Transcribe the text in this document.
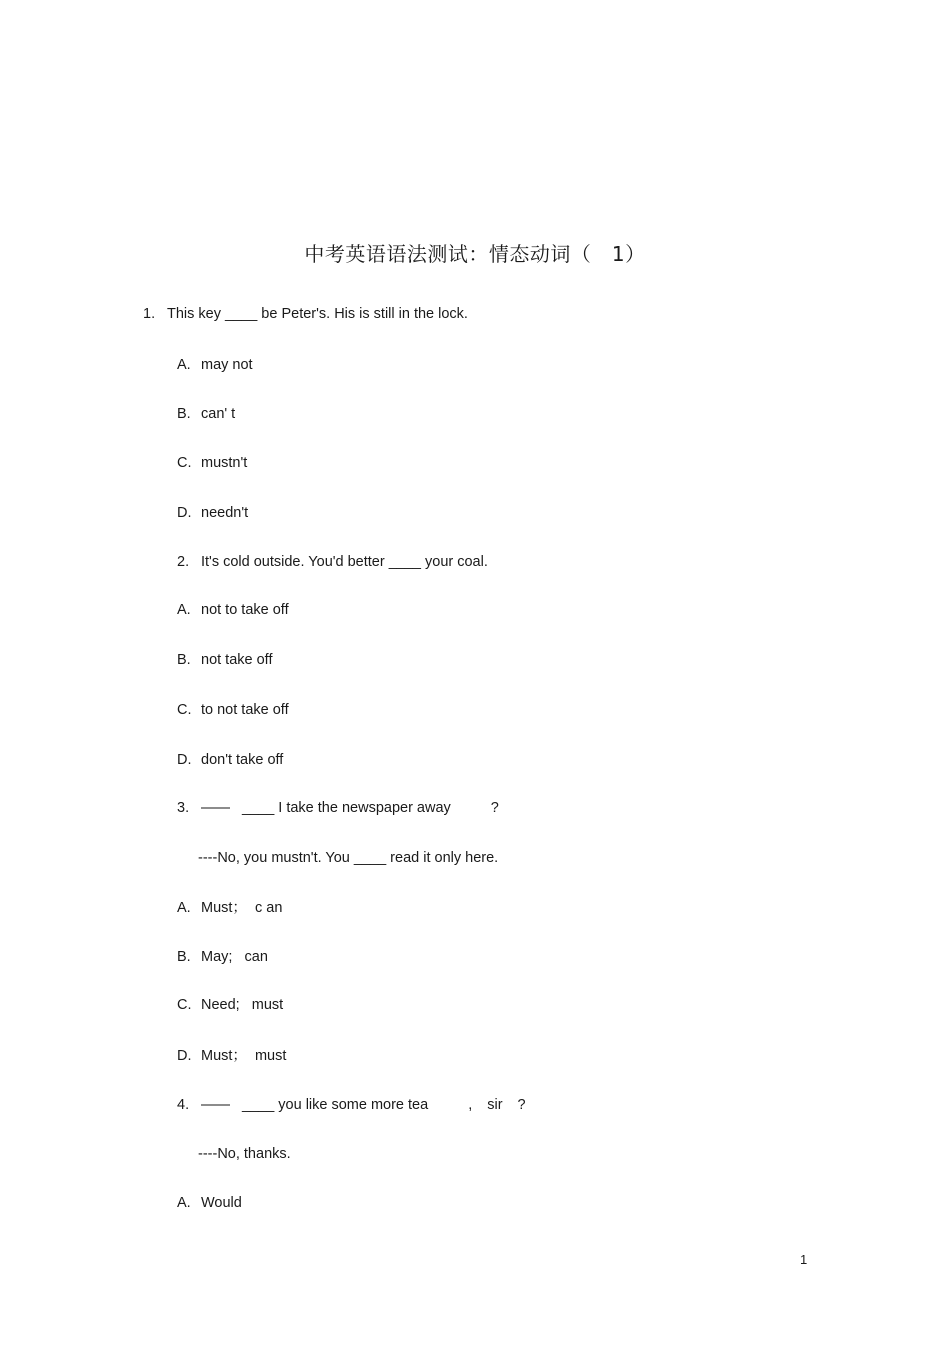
中考英语语法测试：情态动词（　1）
1. This key ____ be Peter's. His is still in the lock.
A. may not
B. can' t
C. mustn't
D. needn't
2. It's cold outside. You'd better ____ your coal.
A. not to take off
B. not take off
C. to not take off
D. don't take off
3. —— ____ I take the newspaper away	?
----No, you mustn't. You ____ read it only here.
A. Must；  c an
B. May;   can
C. Need;   must
D. Must；  must
4. —— ____ you like some more tea	, sir ?
----No, thanks.
A. Would
1
